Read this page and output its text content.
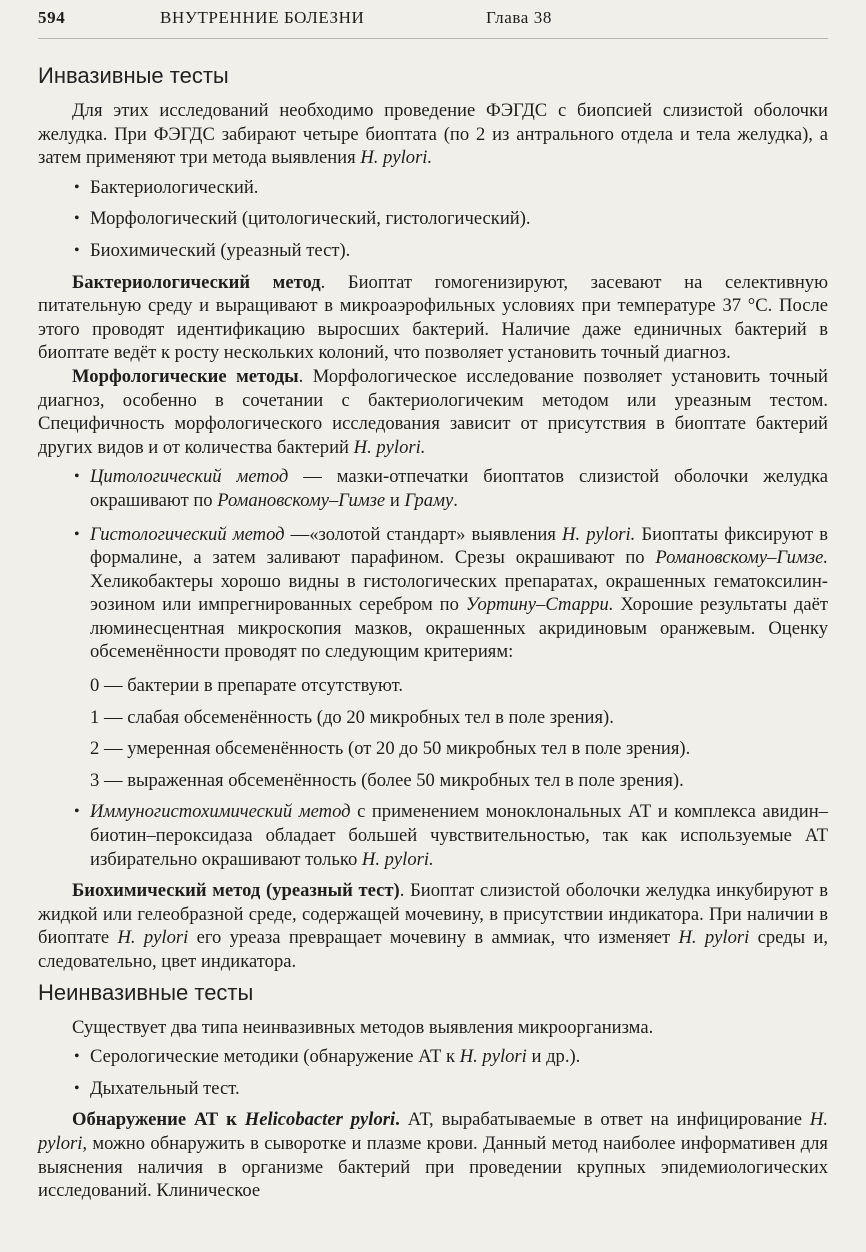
594	ВНУТРЕННИЕ БОЛЕЗНИ	Глава 38
Инвазивные тесты

Для этих исследований необходимо проведение ФЭГДС с биопсией слизистой оболочки желудка. При ФЭГДС забирают четыре биоптата (по 2 из антрального отдела и тела желудка), а затем применяют три метода выявления H. pylori.

• Бактериологический.
• Морфологический (цитологический, гистологический).
• Биохимический (уреазный тест).

Бактериологический метод. Биоптат гомогенизируют, засевают на селективную питательную среду и выращивают в микроаэрофильных условиях при температуре 37 °С. После этого проводят идентификацию выросших бактерий. Наличие даже единичных бактерий в биоптате ведёт к росту нескольких колоний, что позволяет установить точный диагноз.

Морфологические методы. Морфологическое исследование позволяет установить точный диагноз, особенно в сочетании с бактериологичеким методом или уреазным тестом. Специфичность морфологического исследования зависит от присутствия в биоптате бактерий других видов и от количества бактерий H. pylori.

• Цитологический метод — мазки-отпечатки биоптатов слизистой оболочки желудка окрашивают по Романовскому–Гимзе и Граму.
• Гистологический метод —«золотой стандарт» выявления H. pylori. Биоптаты фиксируют в формалине, а затем заливают парафином. Срезы окрашивают по Романовскому–Гимзе. Хеликобактеры хорошо видны в гистологических препаратах, окрашенных гематоксилин-эозином или импрегнированных серебром по Уортину–Старри. Хорошие результаты даёт люминесцентная микроскопия мазков, окрашенных акридиновым оранжевым. Оценку обсеменённости проводят по следующим критериям:
0 — бактерии в препарате отсутствуют.
1 — слабая обсеменённость (до 20 микробных тел в поле зрения).
2 — умеренная обсеменённость (от 20 до 50 микробных тел в поле зрения).
3 — выраженная обсеменённость (более 50 микробных тел в поле зрения).
• Иммуногистохимический метод с применением моноклональных АТ и комплекса авидин–биотин–пероксидаза обладает большей чувствительностью, так как используемые АТ избирательно окрашивают только H. pylori.

Биохимический метод (уреазный тест). Биоптат слизистой оболочки желудка инкубируют в жидкой или гелеобразной среде, содержащей мочевину, в присутствии индикатора. При наличии в биоптате H. pylori его уреаза превращает мочевину в аммиак, что изменяет H. pylori среды и, следовательно, цвет индикатора.

Неинвазивные тесты

Существует два типа неинвазивных методов выявления микроорганизма.

• Серологические методики (обнаружение АТ к H. pylori и др.).
• Дыхательный тест.

Обнаружение АТ к Helicobacter pylori. АТ, вырабатываемые в ответ на инфицирование H. pylori, можно обнаружить в сыворотке и плазме крови. Данный метод наиболее информативен для выяснения наличия в организме бактерий при проведении крупных эпидемиологических исследований. Клиническое
